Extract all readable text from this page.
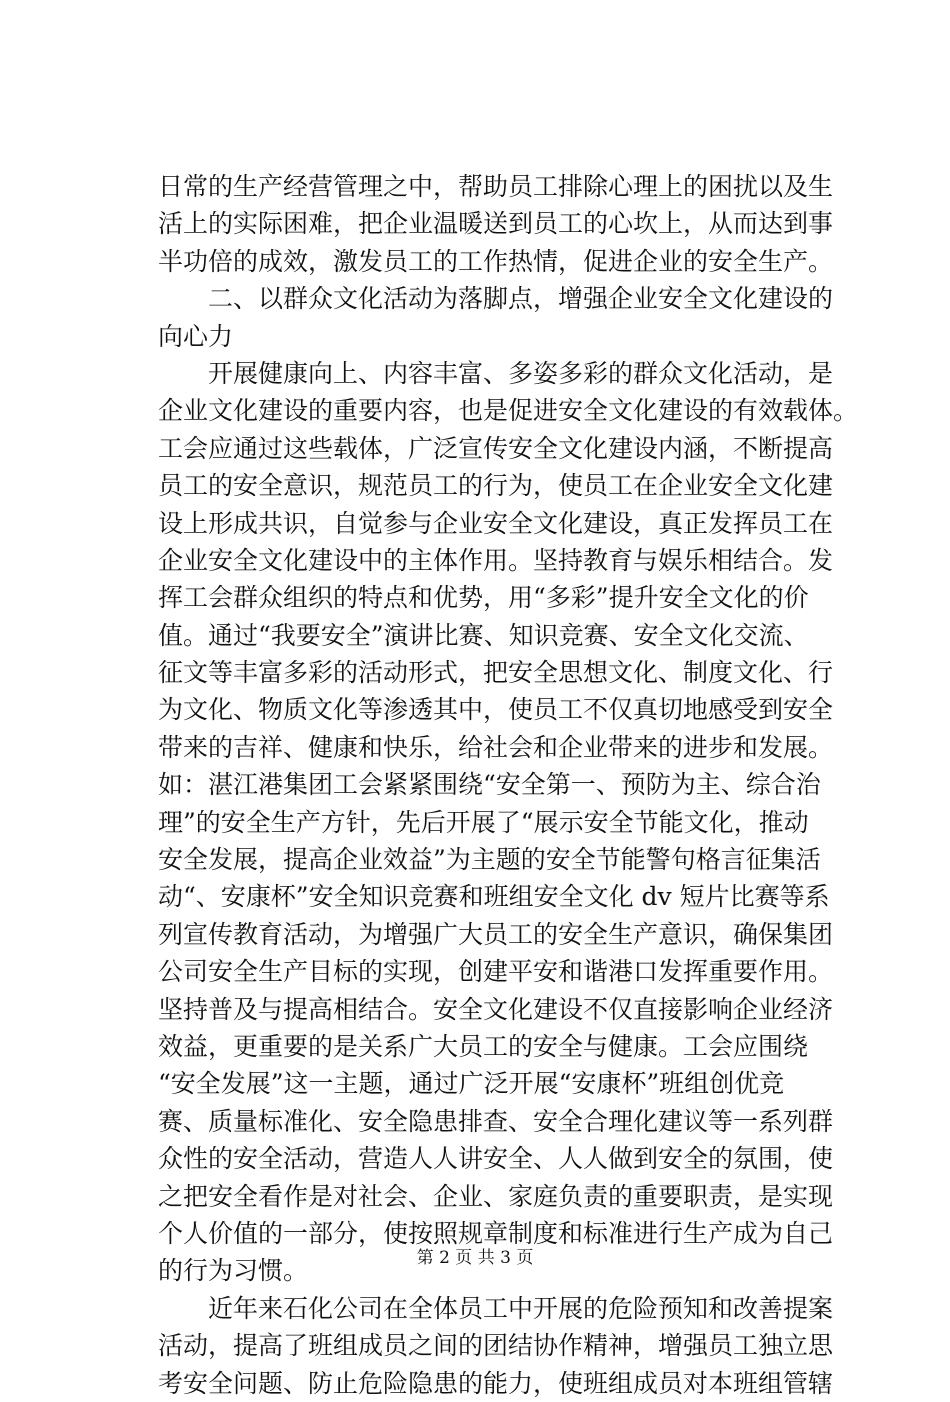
日常的生产经营管理之中，帮助员工排除心理上的困扰以及生
活上的实际困难，把企业温暖送到员工的心坎上，从而达到事
半功倍的成效，激发员工的工作热情，促进企业的安全生产。
　　二、以群众文化活动为落脚点，增强企业安全文化建设的
向心力
　　开展健康向上、内容丰富、多姿多彩的群众文化活动，是
企业文化建设的重要内容，也是促进安全文化建设的有效载体。
工会应通过这些载体，广泛宣传安全文化建设内涵，不断提高
员工的安全意识，规范员工的行为，使员工在企业安全文化建
设上形成共识，自觉参与企业安全文化建设，真正发挥员工在
企业安全文化建设中的主体作用。坚持教育与娱乐相结合。发
挥工会群众组织的特点和优势，用“多彩”提升安全文化的价
值。通过“我要安全”演讲比赛、知识竞赛、安全文化交流、
征文等丰富多彩的活动形式，把安全思想文化、制度文化、行
为文化、物质文化等渗透其中，使员工不仅真切地感受到安全
带来的吉祥、健康和快乐，给社会和企业带来的进步和发展。
如：湛江港集团工会紧紧围绕“安全第一、预防为主、综合治
理”的安全生产方针，先后开展了“展示安全节能文化，推动
安全发展，提高企业效益”为主题的安全节能警句格言征集活
动“、安康杯”安全知识竞赛和班组安全文化 dv 短片比赛等系
列宣传教育活动，为增强广大员工的安全生产意识，确保集团
公司安全生产目标的实现，创建平安和谐港口发挥重要作用。
坚持普及与提高相结合。安全文化建设不仅直接影响企业经济
效益，更重要的是关系广大员工的安全与健康。工会应围绕
“安全发展”这一主题，通过广泛开展“安康杯”班组创优竞
赛、质量标准化、安全隐患排查、安全合理化建议等一系列群
众性的安全活动，营造人人讲安全、人人做到安全的氛围，使
之把安全看作是对社会、企业、家庭负责的重要职责，是实现
个人价值的一部分，使按照规章制度和标准进行生产成为自己
的行为习惯。
　　近年来石化公司在全体员工中开展的危险预知和改善提案
活动，提高了班组成员之间的团结协作精神，增强员工独立思
考安全问题、防止危险隐患的能力，使班组成员对本班组管辖
第 2 页 共 3 页
